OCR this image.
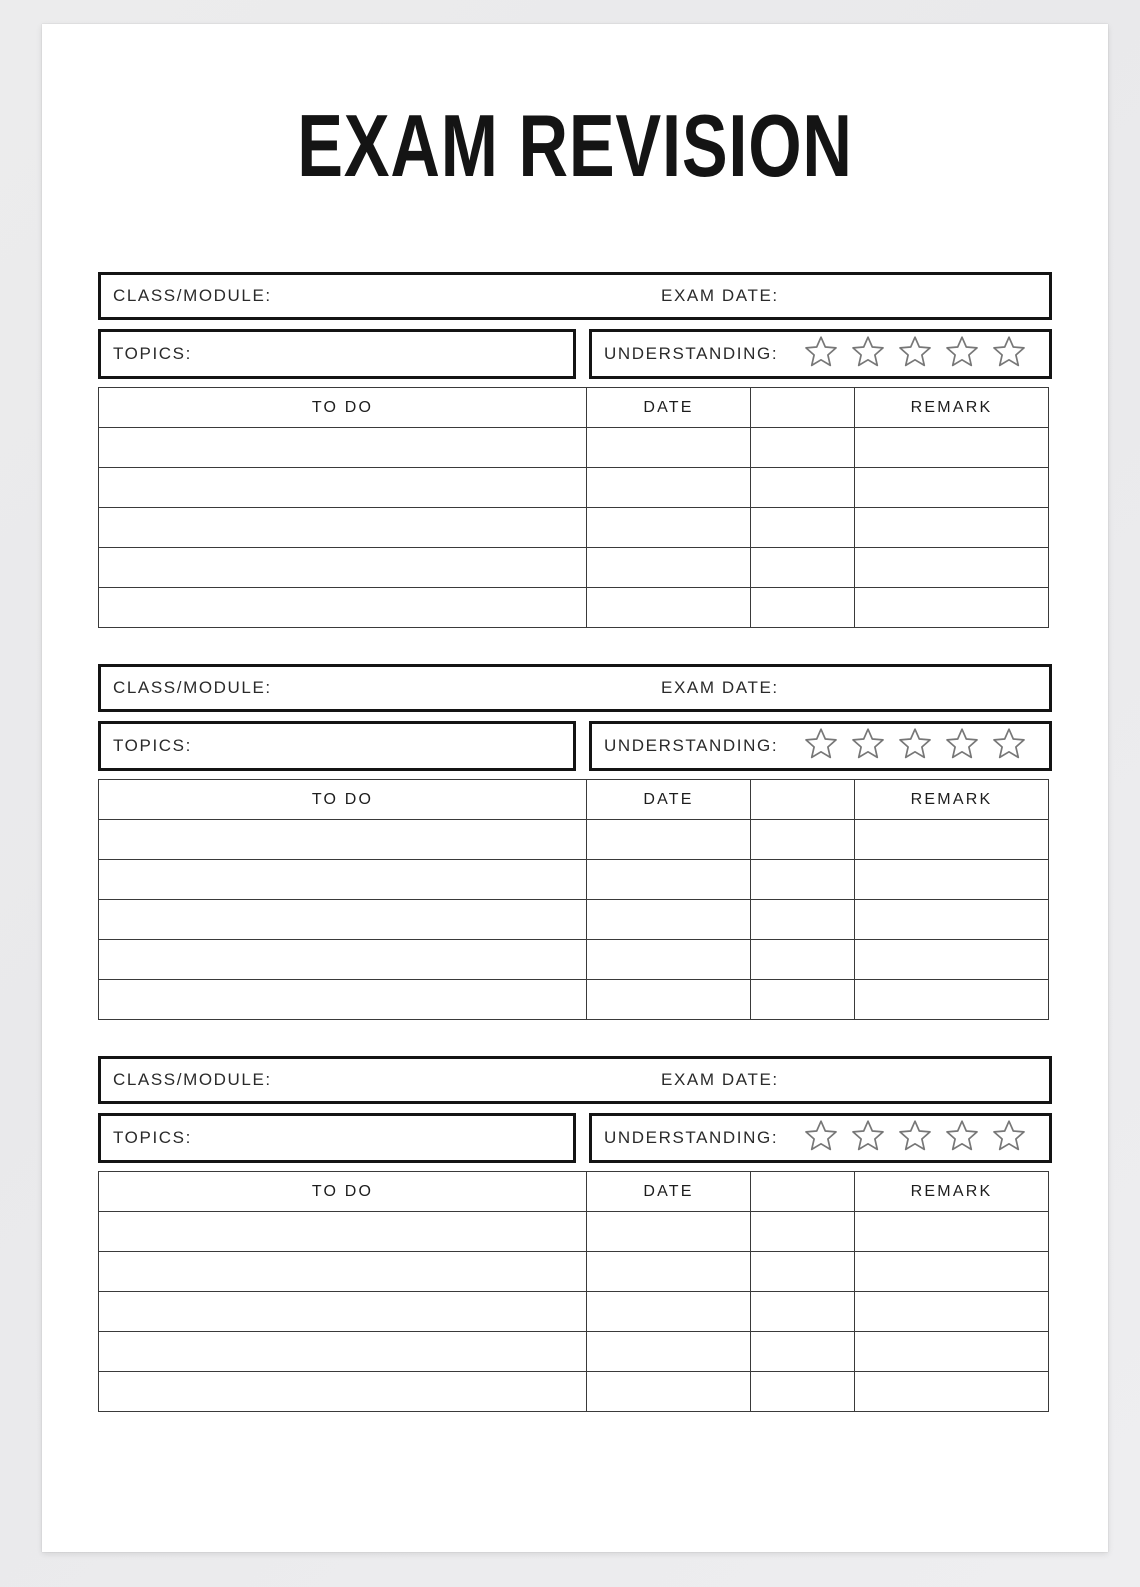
EXAM REVISION
CLASS/MODULE:	EXAM DATE:
TOPICS:	UNDERSTANDING:
TO DO	DATE		REMARK

CLASS/MODULE:	EXAM DATE:
TOPICS:	UNDERSTANDING:
TO DO	DATE		REMARK

CLASS/MODULE:	EXAM DATE:
TOPICS:	UNDERSTANDING:
TO DO	DATE		REMARK
